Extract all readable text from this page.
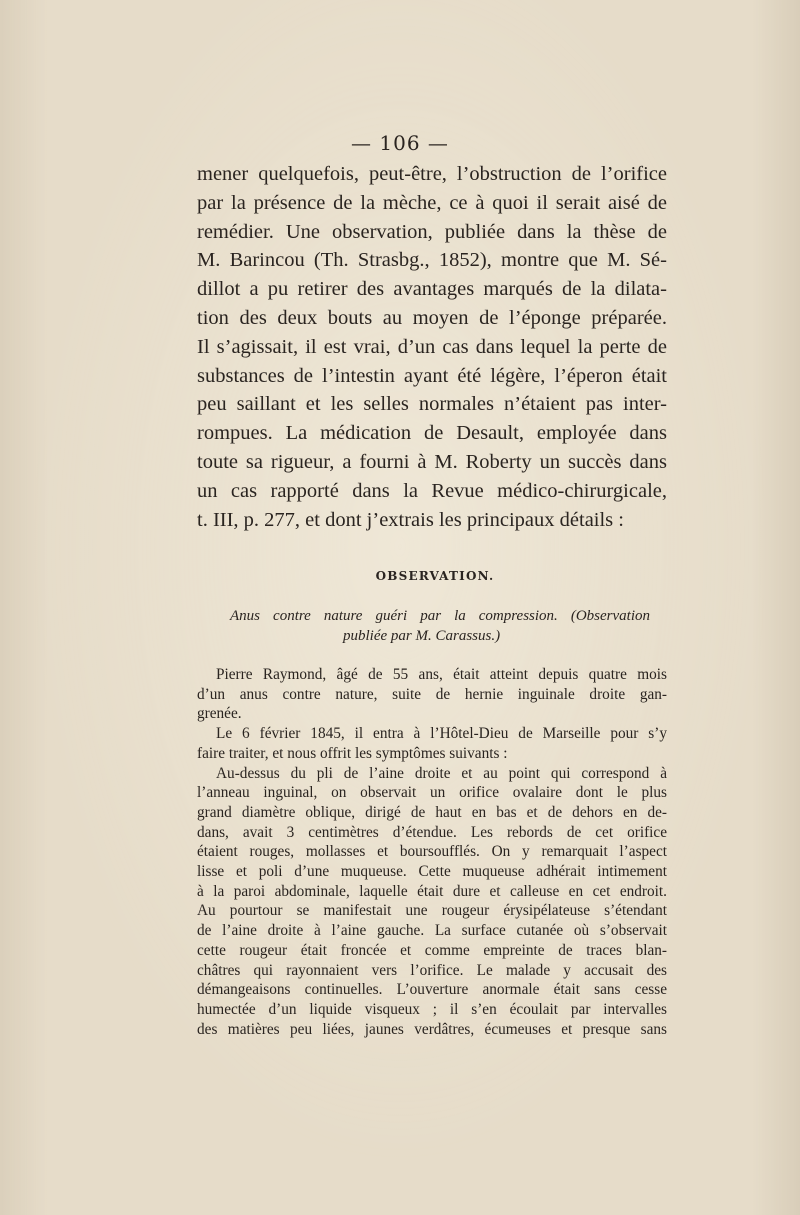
— 106 —
mener quelquefois, peut-être, l’obstruction de l’orifice
par la présence de la mèche, ce à quoi il serait aisé de
remédier. Une observation, publiée dans la thèse de
M. Barincou (Th. Strasbg., 1852), montre que M. Sé-
dillot a pu retirer des avantages marqués de la dilata-
tion des deux bouts au moyen de l’éponge préparée.
Il s’agissait, il est vrai, d’un cas dans lequel la perte de
substances de l’intestin ayant été légère, l’éperon était
peu saillant et les selles normales n’étaient pas inter-
rompues. La médication de Desault, employée dans
toute sa rigueur, a fourni à M. Roberty un succès dans
un cas rapporté dans la Revue médico-chirurgicale,
t. III, p. 277, et dont j’extrais les principaux détails :
OBSERVATION.
Anus contre nature guéri par la compression. (Observation
publiée par M. Carassus.)
Pierre Raymond, âgé de 55 ans, était atteint depuis quatre mois
d’un anus contre nature, suite de hernie inguinale droite gan-
grenée.
Le 6 février 1845, il entra à l’Hôtel-Dieu de Marseille pour s’y
faire traiter, et nous offrit les symptômes suivants :
Au-dessus du pli de l’aine droite et au point qui correspond à
l’anneau inguinal, on observait un orifice ovalaire dont le plus
grand diamètre oblique, dirigé de haut en bas et de dehors en de-
dans, avait 3 centimètres d’étendue. Les rebords de cet orifice
étaient rouges, mollasses et boursoufflés. On y remarquait l’aspect
lisse et poli d’une muqueuse. Cette muqueuse adhérait intimement
à la paroi abdominale, laquelle était dure et calleuse en cet endroit.
Au pourtour se manifestait une rougeur érysipélateuse s’étendant
de l’aine droite à l’aine gauche. La surface cutanée où s’observait
cette rougeur était froncée et comme empreinte de traces blan-
châtres qui rayonnaient vers l’orifice. Le malade y accusait des
démangeaisons continuelles. L’ouverture anormale était sans cesse
humectée d’un liquide visqueux ; il s’en écoulait par intervalles
des matières peu liées, jaunes verdâtres, écumeuses et presque sans
